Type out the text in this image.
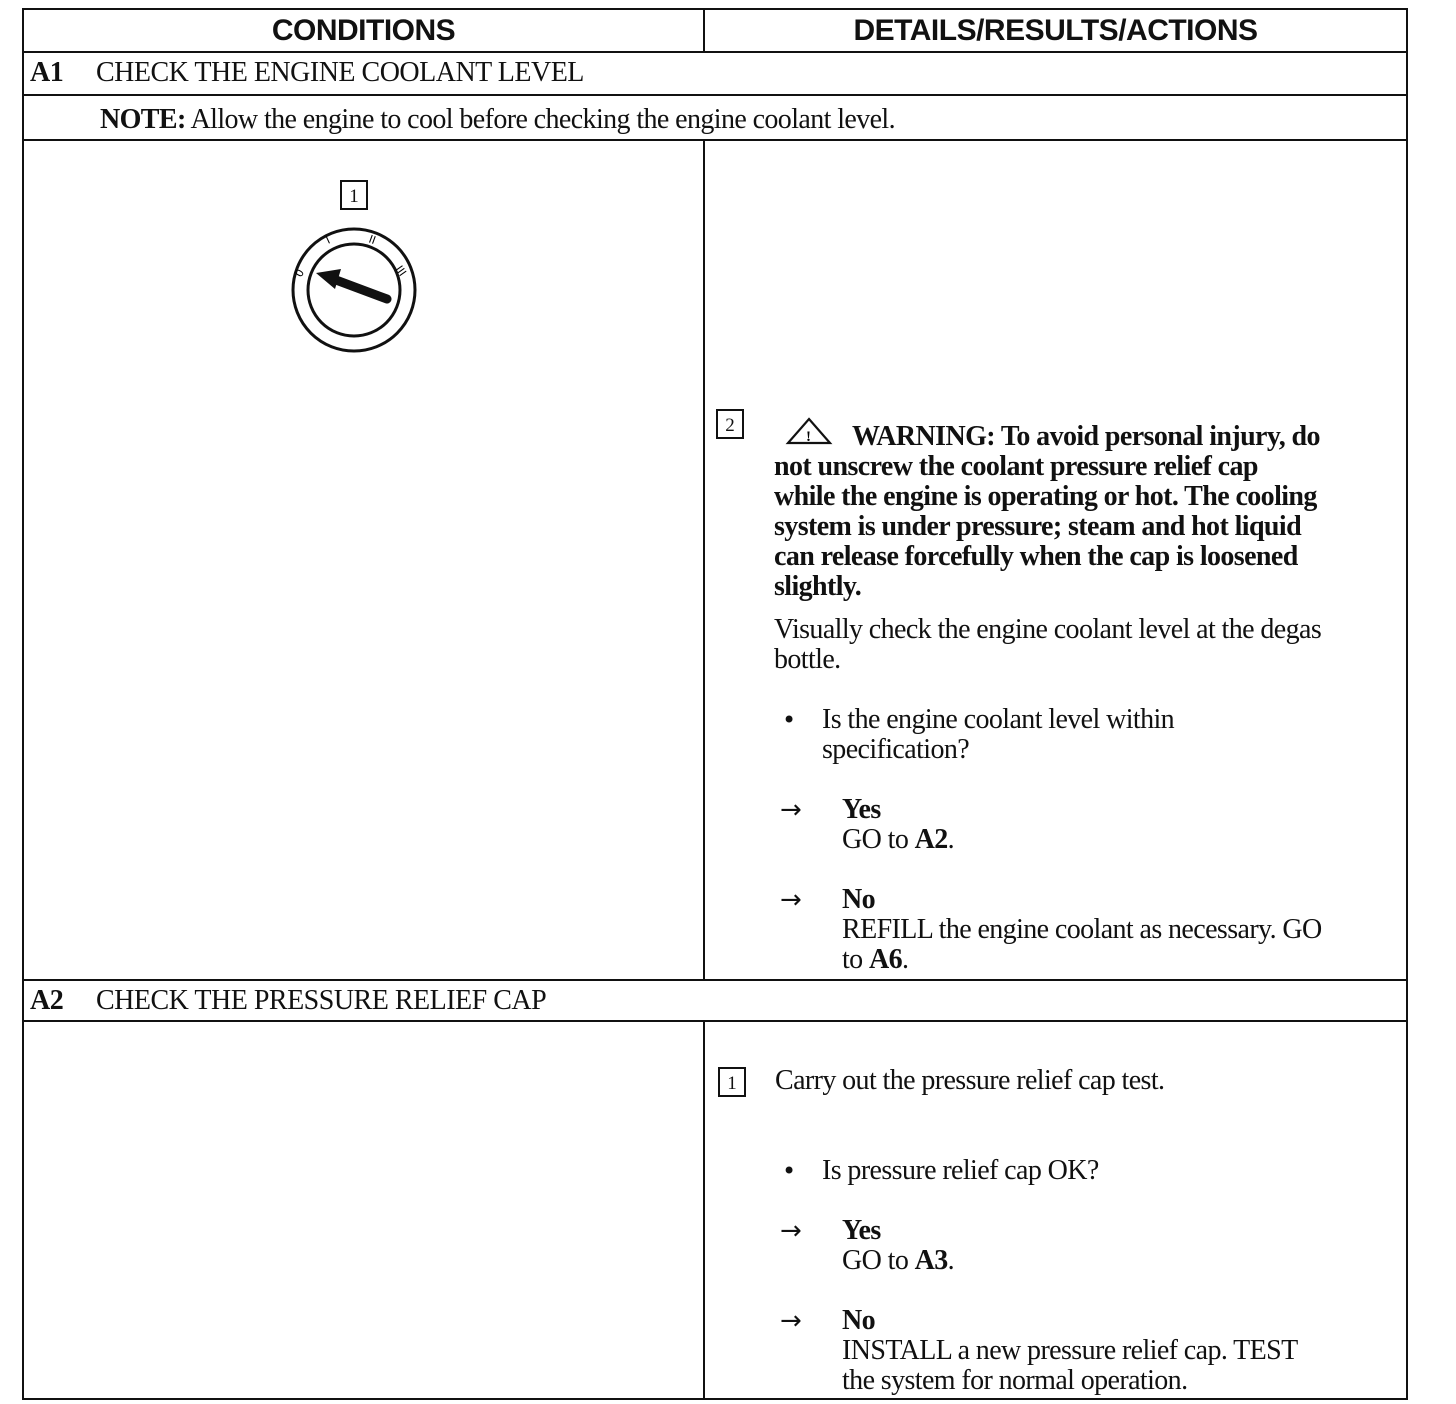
CONDITIONS	DETAILS/RESULTS/ACTIONS
A1 CHECK THE ENGINE COOLANT LEVEL
NOTE: Allow the engine to cool before checking the engine coolant level.
1
0
I	II
III
2
!	WARNING: To avoid personal injury, do
not unscrew the coolant pressure relief cap
while the engine is operating or hot. The cooling
system is under pressure; steam and hot liquid
can release forcefully when the cap is loosened
slightly.
Visually check the engine coolant level at the degas
bottle.
• Is the engine coolant level within
specification?
→ Yes
GO to A2.
→ No
REFILL the engine coolant as necessary. GO
to A6.
A2 CHECK THE PRESSURE RELIEF CAP
1	Carry out the pressure relief cap test.
• Is pressure relief cap OK?
→ Yes
GO to A3.
→ No
INSTALL a new pressure relief cap. TEST
the system for normal operation.
